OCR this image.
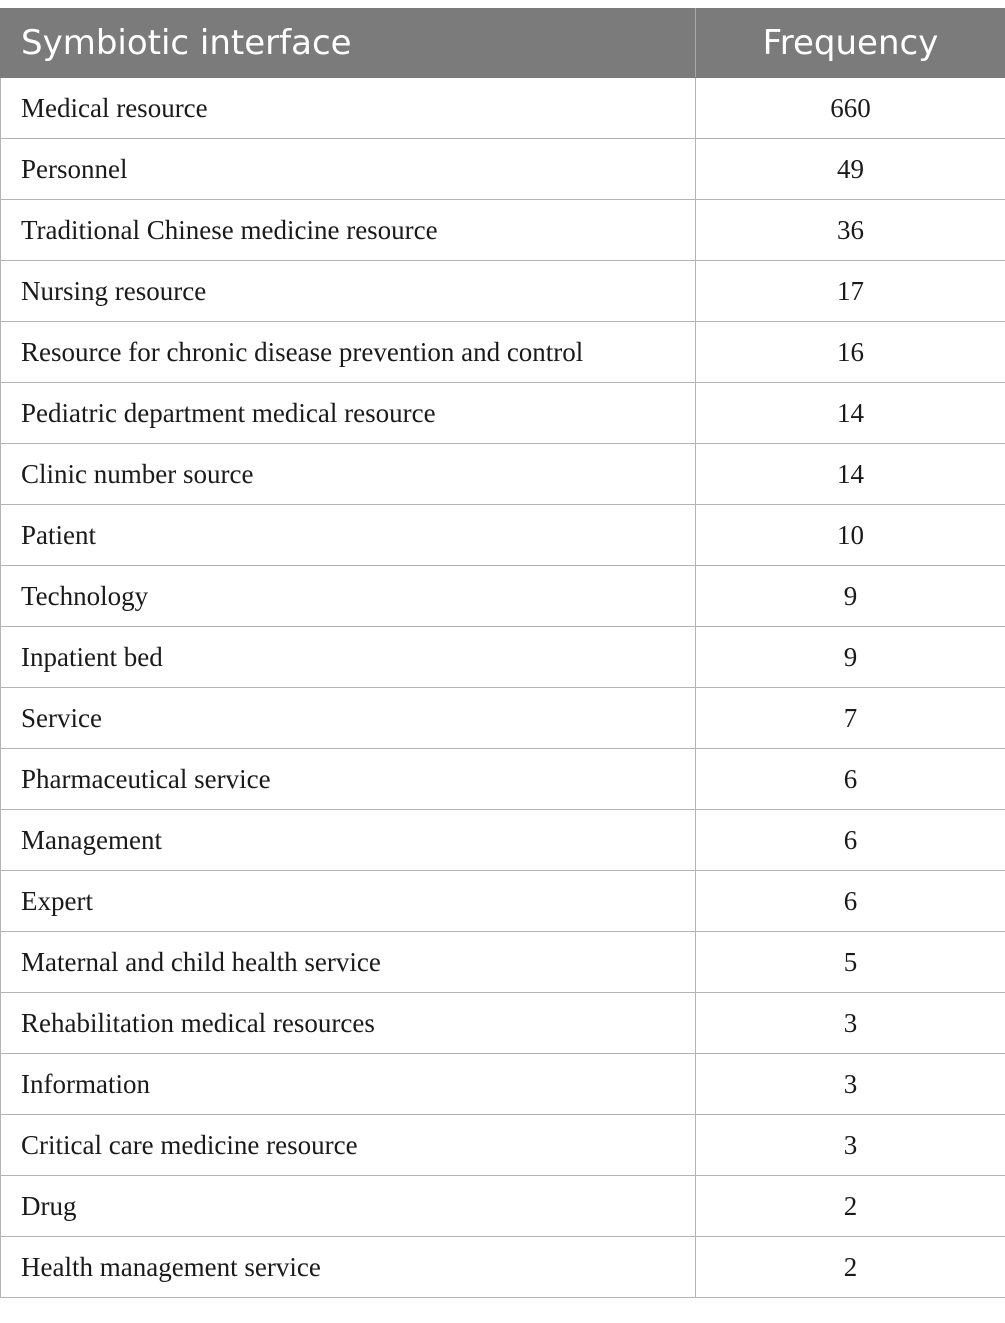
Symbiotic interface	Frequency
Medical resource	660
Personnel	49
Traditional Chinese medicine resource	36
Nursing resource	17
Resource for chronic disease prevention and control	16
Pediatric department medical resource	14
Clinic number source	14
Patient	10
Technology	9
Inpatient bed	9
Service	7
Pharmaceutical service	6
Management	6
Expert	6
Maternal and child health service	5
Rehabilitation medical resources	3
Information	3
Critical care medicine resource	3
Drug	2
Health management service	2
